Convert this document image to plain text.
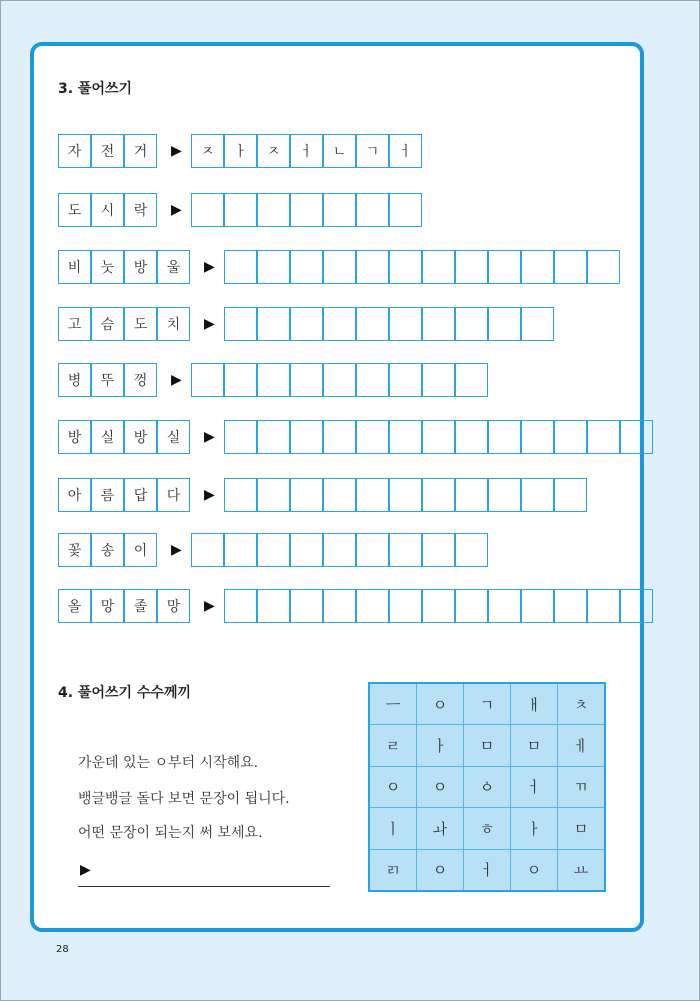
3. 풀어쓰기
자	전	거	▶	ㅈ	ㅏ	ㅈ	ㅓ	ㄴ	ㄱ	ㅓ
도	시	락	▶
비	눗	방	울	▶
고	슴	도	치	▶
병	뚜	껑	▶
방	실	방	실	▶
아	름	답	다	▶
꽃	송	이	▶
올	망	졸	망	▶
4. 풀어쓰기 수수께끼
가운데 있는 ㅇ부터 시작해요.
뱅글뱅글 돌다 보면 문장이 됩니다.
어떤 문장이 되는지 써 보세요.
▶
ㅡ	ㅇ	ㄱ	ㅐ	ㅊ
ㄹ	ㅏ	ㅁ	ㅁ	ㅔ
ㅇ	ㅇ	ㆁ	ㅓ	ㄲ
ㅣ	ㅘ	ㅎ	ㅏ	ㅁ
ㄺ	ㅇ	ㅓ	ㅇ	ㅛ
28
